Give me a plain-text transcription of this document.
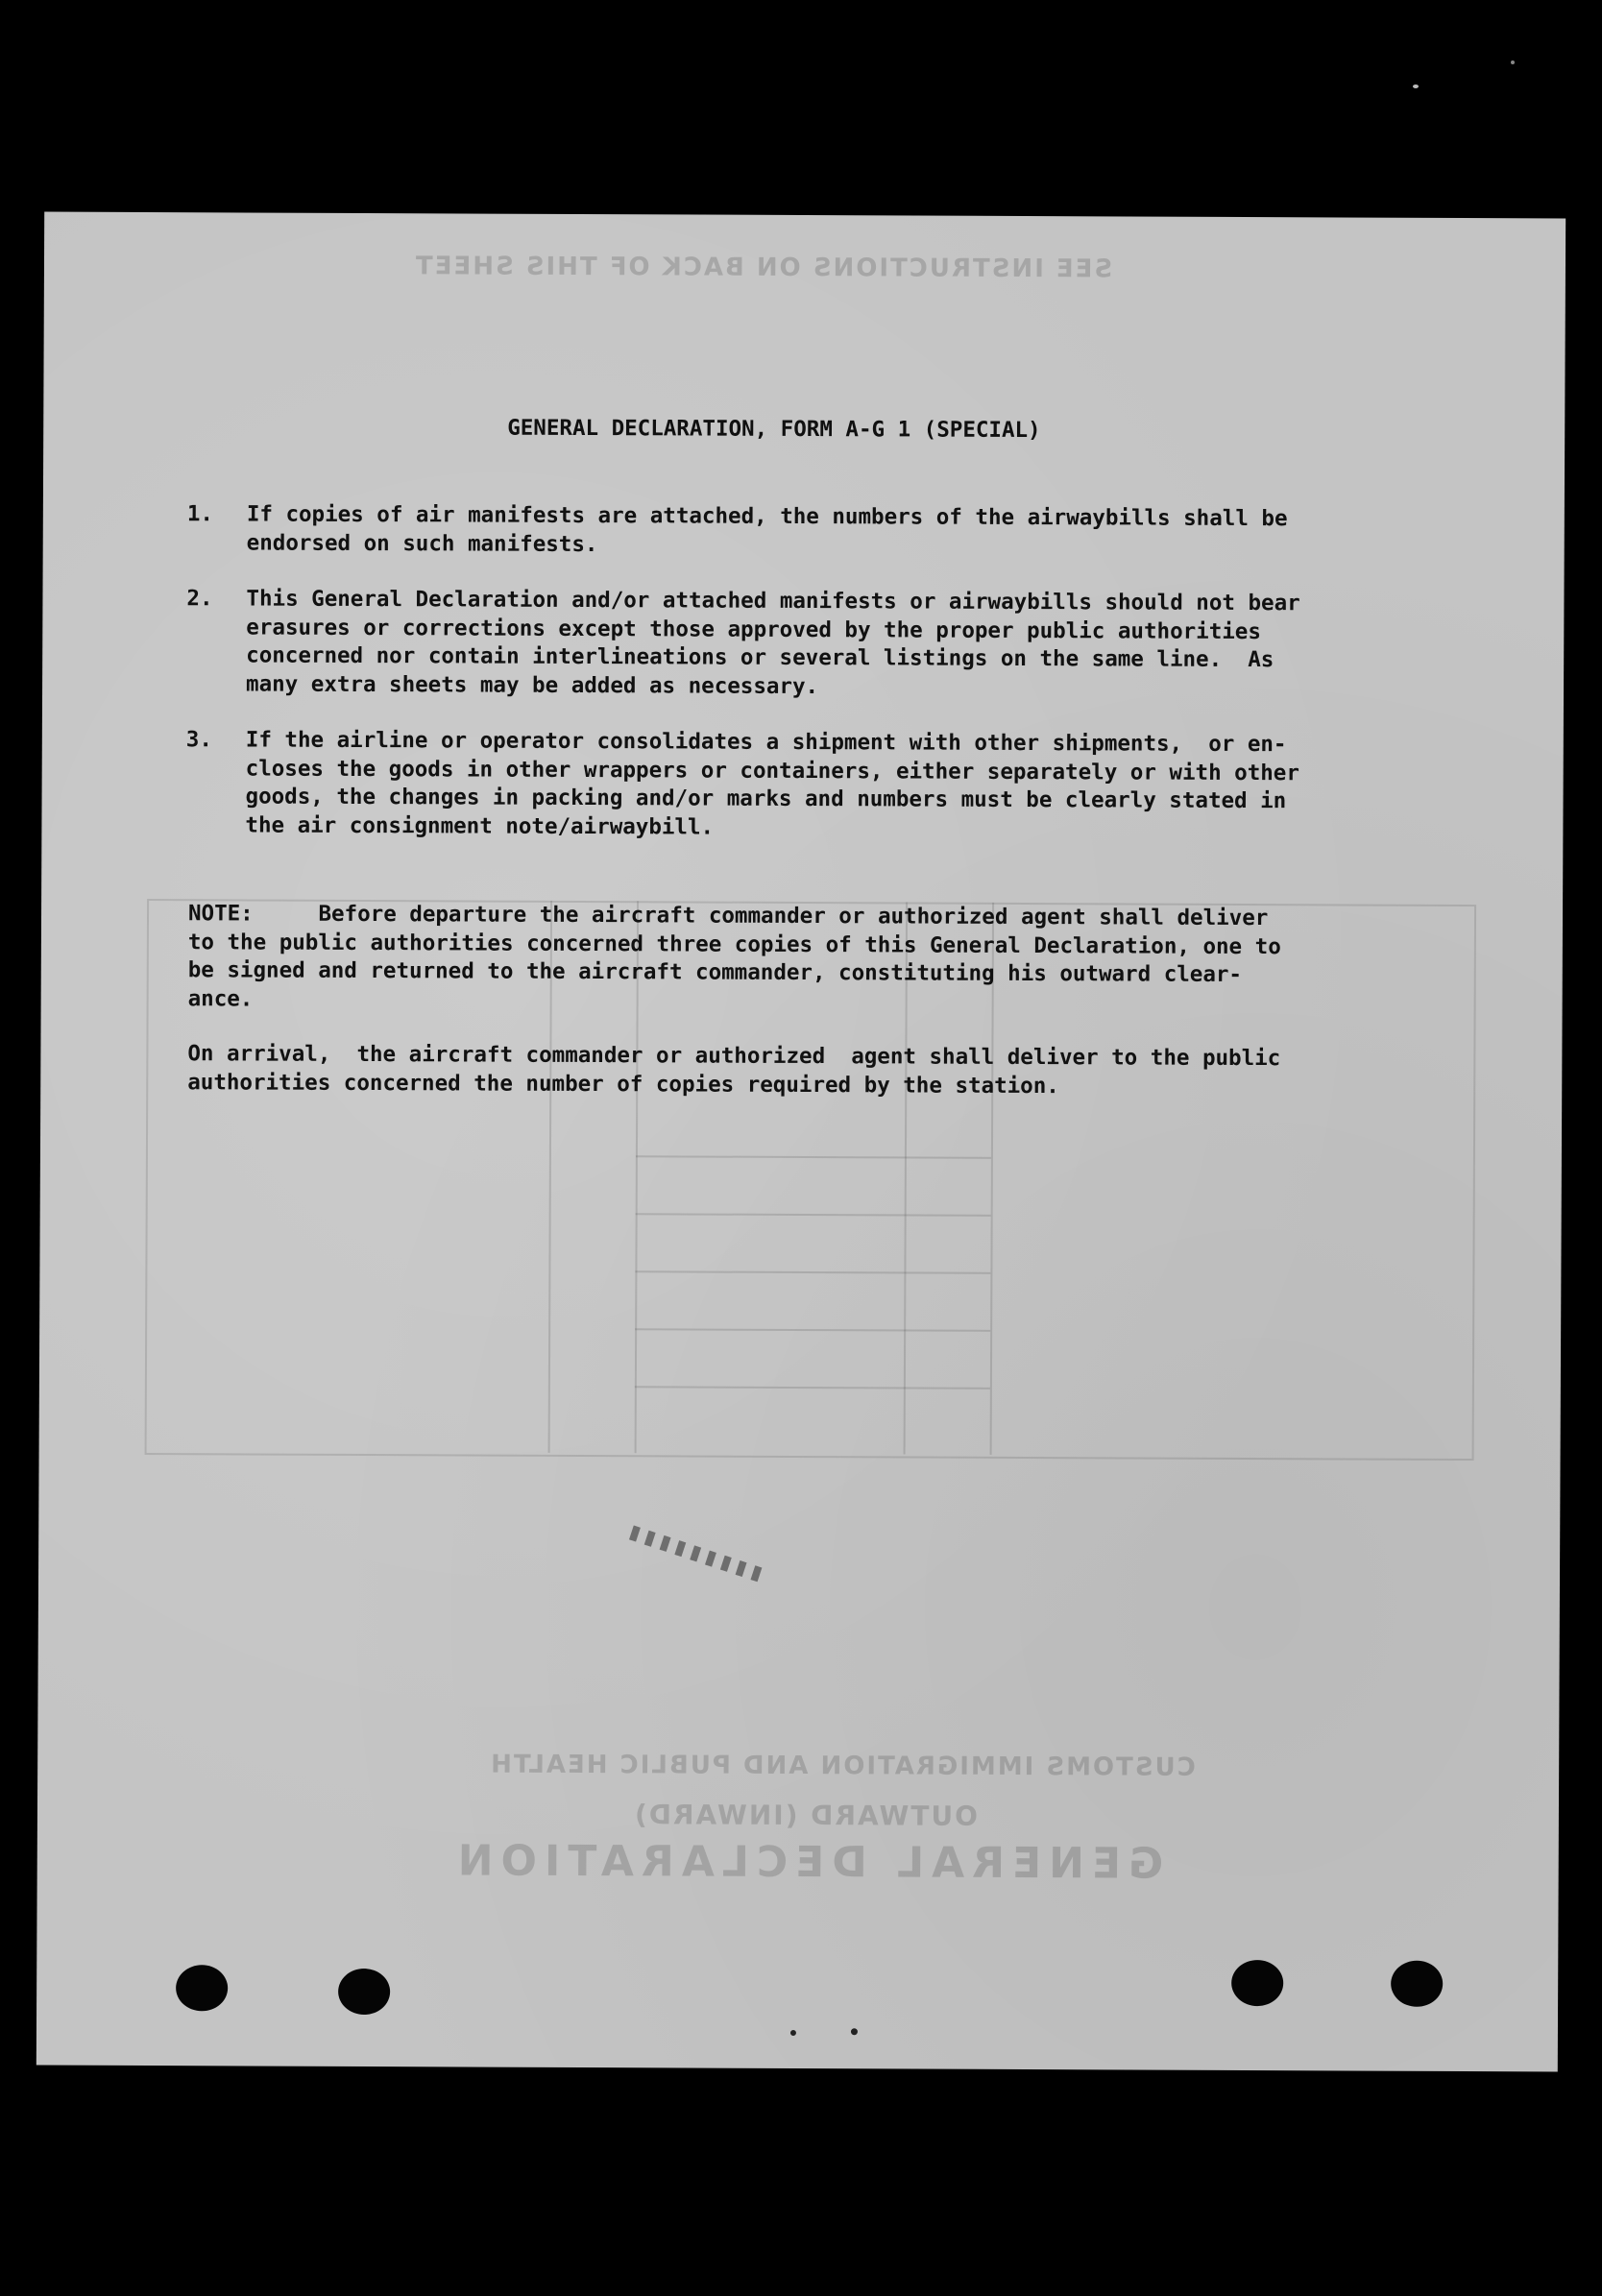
SEE INSTRUCTIONS ON BACK OF THIS SHEET
CUSTOMS IMMIGRATION AND PUBLIC HEALTH
OUTWARD (INWARD)
GENERAL DECLARATION
GENERAL DECLARATION, FORM A-G 1 (SPECIAL)

1.

If copies of air manifests are attached, the numbers of the airwaybills shall be
endorsed on such manifests.

2.

This General Declaration and/or attached manifests or airwaybills should not bear
erasures or corrections except those approved by the proper public authorities
concerned nor contain interlineations or several listings on the same line.  As
many extra sheets may be added as necessary.

3.

If the airline or operator consolidates a shipment with other shipments,  or en-
closes the goods in other wrappers or containers, either separately or with other
goods, the changes in packing and/or marks and numbers must be clearly stated in
the air consignment note/airwaybill.

NOTE:     Before departure the aircraft commander or authorized agent shall deliver
to the public authorities concerned three copies of this General Declaration, one to
be signed and returned to the aircraft commander, constituting his outward clear-
ance.
On arrival,  the aircraft commander or authorized  agent shall deliver to the public
authorities concerned the number of copies required by the station.
▮▮▮▮▮▮▮▮▮
